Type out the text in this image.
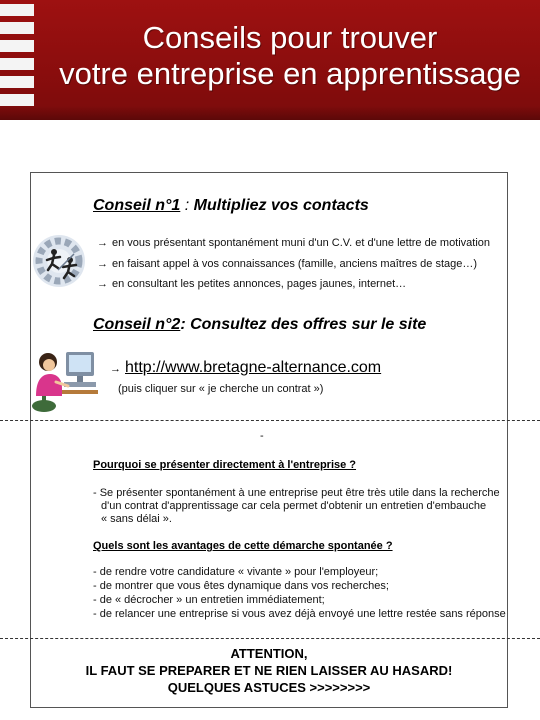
Conseils pour trouver
votre entreprise en apprentissage
Conseil n°1 : Multipliez vos contacts
→ en vous présentant spontanément muni d'un C.V. et d'une lettre de motivation
→ en faisant appel à vos connaissances (famille, anciens maîtres de stage…)
→ en consultant les petites annonces, pages jaunes, internet…
Conseil n°2: Consultez des offres sur le site
→ http://www.bretagne-alternance.com
(puis cliquer sur « je cherche un contrat »)
-
Pourquoi se présenter directement à l'entreprise ?
- Se présenter spontanément à une entreprise peut être très utile dans la recherche
d'un contrat d'apprentissage car cela permet d'obtenir un entretien d'embauche
« sans délai ».
Quels sont les avantages de cette démarche spontanée ?
- de rendre votre candidature « vivante » pour l'employeur;
- de montrer que vous êtes dynamique dans vos recherches;
- de « décrocher » un entretien immédiatement;
- de relancer une entreprise si vous avez déjà envoyé une lettre restée sans réponse
ATTENTION,
IL FAUT SE PREPARER ET NE RIEN LAISSER AU HASARD!
QUELQUES ASTUCES >>>>>>>>
